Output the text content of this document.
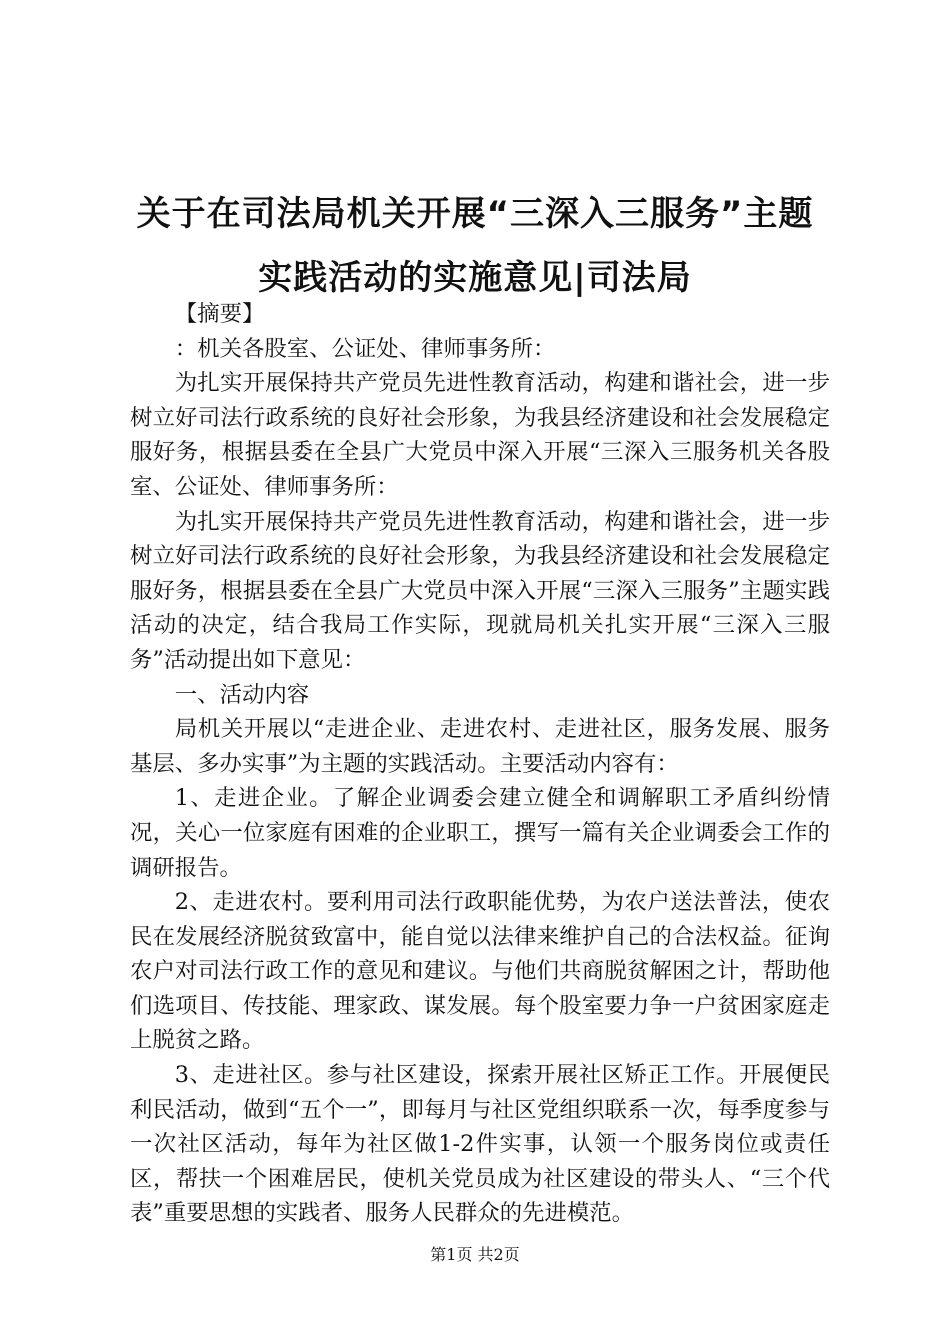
关于在司法局机关开展“三深入三服务”主题
实践活动的实施意见|司法局

【摘要】

：机关各股室、公证处、律师事务所：

为扎实开展保持共产党员先进性教育活动，构建和谐社会，进一步树立好司法行政系统的良好社会形象，为我县经济建设和社会发展稳定服好务，根据县委在全县广大党员中深入开展“三深入三服务机关各股室、公证处、律师事务所：

为扎实开展保持共产党员先进性教育活动，构建和谐社会，进一步树立好司法行政系统的良好社会形象，为我县经济建设和社会发展稳定服好务，根据县委在全县广大党员中深入开展“三深入三服务”主题实践活动的决定，结合我局工作实际，现就局机关扎实开展“三深入三服务”活动提出如下意见：

一、活动内容

局机关开展以“走进企业、走进农村、走进社区，服务发展、服务基层、多办实事”为主题的实践活动。主要活动内容有：

1、走进企业。了解企业调委会建立健全和调解职工矛盾纠纷情况，关心一位家庭有困难的企业职工，撰写一篇有关企业调委会工作的调研报告。

2、走进农村。要利用司法行政职能优势，为农户送法普法，使农民在发展经济脱贫致富中，能自觉以法律来维护自己的合法权益。征询农户对司法行政工作的意见和建议。与他们共商脱贫解困之计，帮助他们选项目、传技能、理家政、谋发展。每个股室要力争一户贫困家庭走上脱贫之路。

3、走进社区。参与社区建设，探索开展社区矫正工作。开展便民利民活动，做到“五个一”，即每月与社区党组织联系一次，每季度参与一次社区活动，每年为社区做1-2件实事，认领一个服务岗位或责任区，帮扶一个困难居民，使机关党员成为社区建设的带头人、“三个代表”重要思想的实践者、服务人民群众的先进模范。

第1页 共2页
